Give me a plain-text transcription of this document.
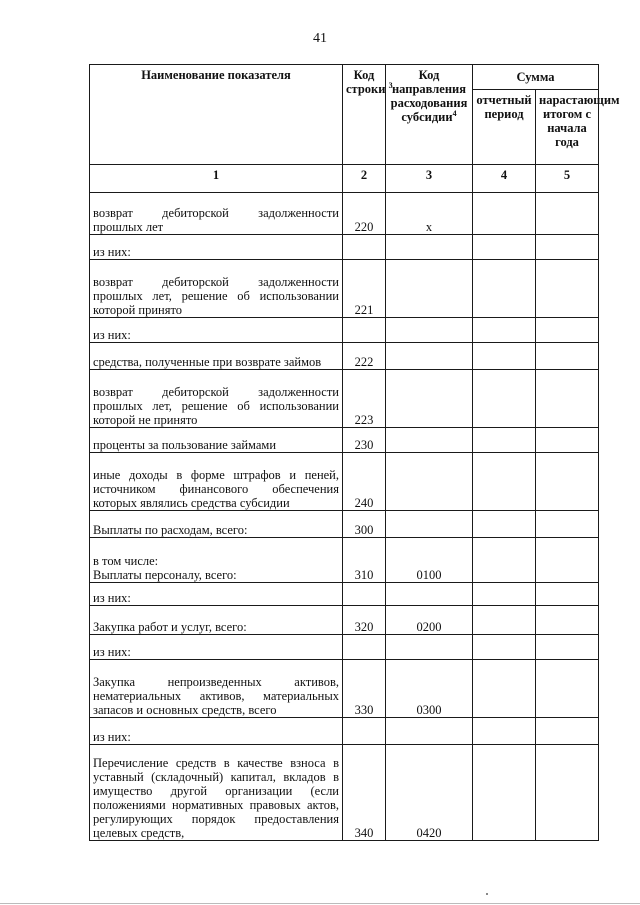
41
Наименование показателя	Код строки $^3$	Код направления расходования субсидии$^4$	Сумма	
			отчетный период	нарастающим итогом с начала года
1	2	3	4	5
возврат дебиторской задолженности прошлых лет	220	х		
из них:				
возврат дебиторской задолженности прошлых лет, решение об использовании которой принято	221			
из них:				
средства, полученные при возврате займов	222			
возврат дебиторской задолженности прошлых лет, решение об использовании которой не принято	223			
проценты за пользование займами	230			
иные доходы в форме штрафов и пеней, источником финансового обеспечения которых являлись средства субсидии	240			
Выплаты по расходам, всего:	300			
в том числе:
Выплаты персоналу, всего:	310	0100		
из них:				
Закупка работ и услуг, всего:	320	0200		
из них:				
Закупка непроизведенных активов, нематериальных активов, материальных запасов и основных средств, всего	330	0300		
из них:				
Перечисление средств в качестве взноса в уставный (складочный) капитал, вкладов в имущество другой организации (если положениями нормативных правовых актов, регулирующих порядок предоставления целевых средств,	340	0420		
